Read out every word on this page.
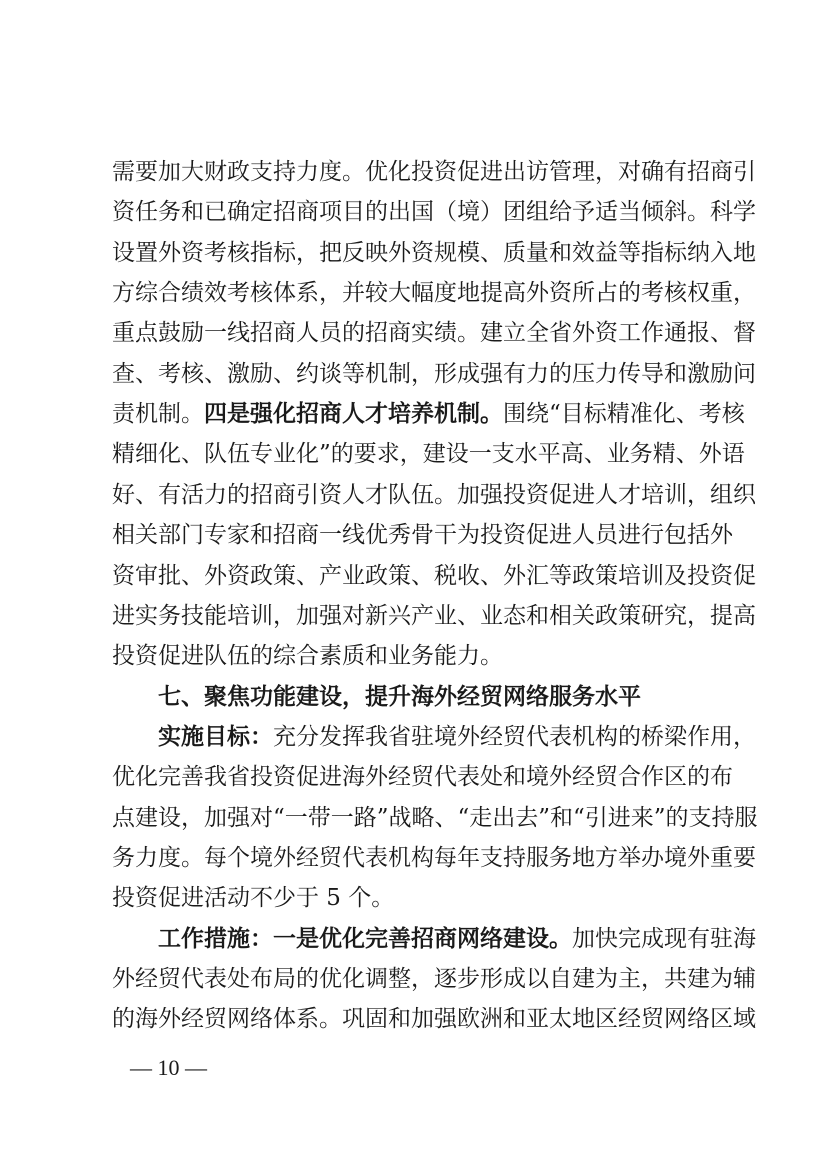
需要加大财政支持力度。优化投资促进出访管理，对确有招商引
资任务和已确定招商项目的出国（境）团组给予适当倾斜。科学
设置外资考核指标，把反映外资规模、质量和效益等指标纳入地
方综合绩效考核体系，并较大幅度地提高外资所占的考核权重，
重点鼓励一线招商人员的招商实绩。建立全省外资工作通报、督
查、考核、激励、约谈等机制，形成强有力的压力传导和激励问
责机制。四是强化招商人才培养机制。围绕“目标精准化、考核
精细化、队伍专业化”的要求，建设一支水平高、业务精、外语
好、有活力的招商引资人才队伍。加强投资促进人才培训，组织
相关部门专家和招商一线优秀骨干为投资促进人员进行包括外
资审批、外资政策、产业政策、税收、外汇等政策培训及投资促
进实务技能培训，加强对新兴产业、业态和相关政策研究，提高
投资促进队伍的综合素质和业务能力。
七、聚焦功能建设，提升海外经贸网络服务水平
实施目标：充分发挥我省驻境外经贸代表机构的桥梁作用，
优化完善我省投资促进海外经贸代表处和境外经贸合作区的布
点建设，加强对“一带一路”战略、“走出去”和“引进来”的支持服
务力度。每个境外经贸代表机构每年支持服务地方举办境外重要
投资促进活动不少于 5 个。
工作措施：一是优化完善招商网络建设。加快完成现有驻海
外经贸代表处布局的优化调整，逐步形成以自建为主，共建为辅
的海外经贸网络体系。巩固和加强欧洲和亚太地区经贸网络区域
— 10 —
